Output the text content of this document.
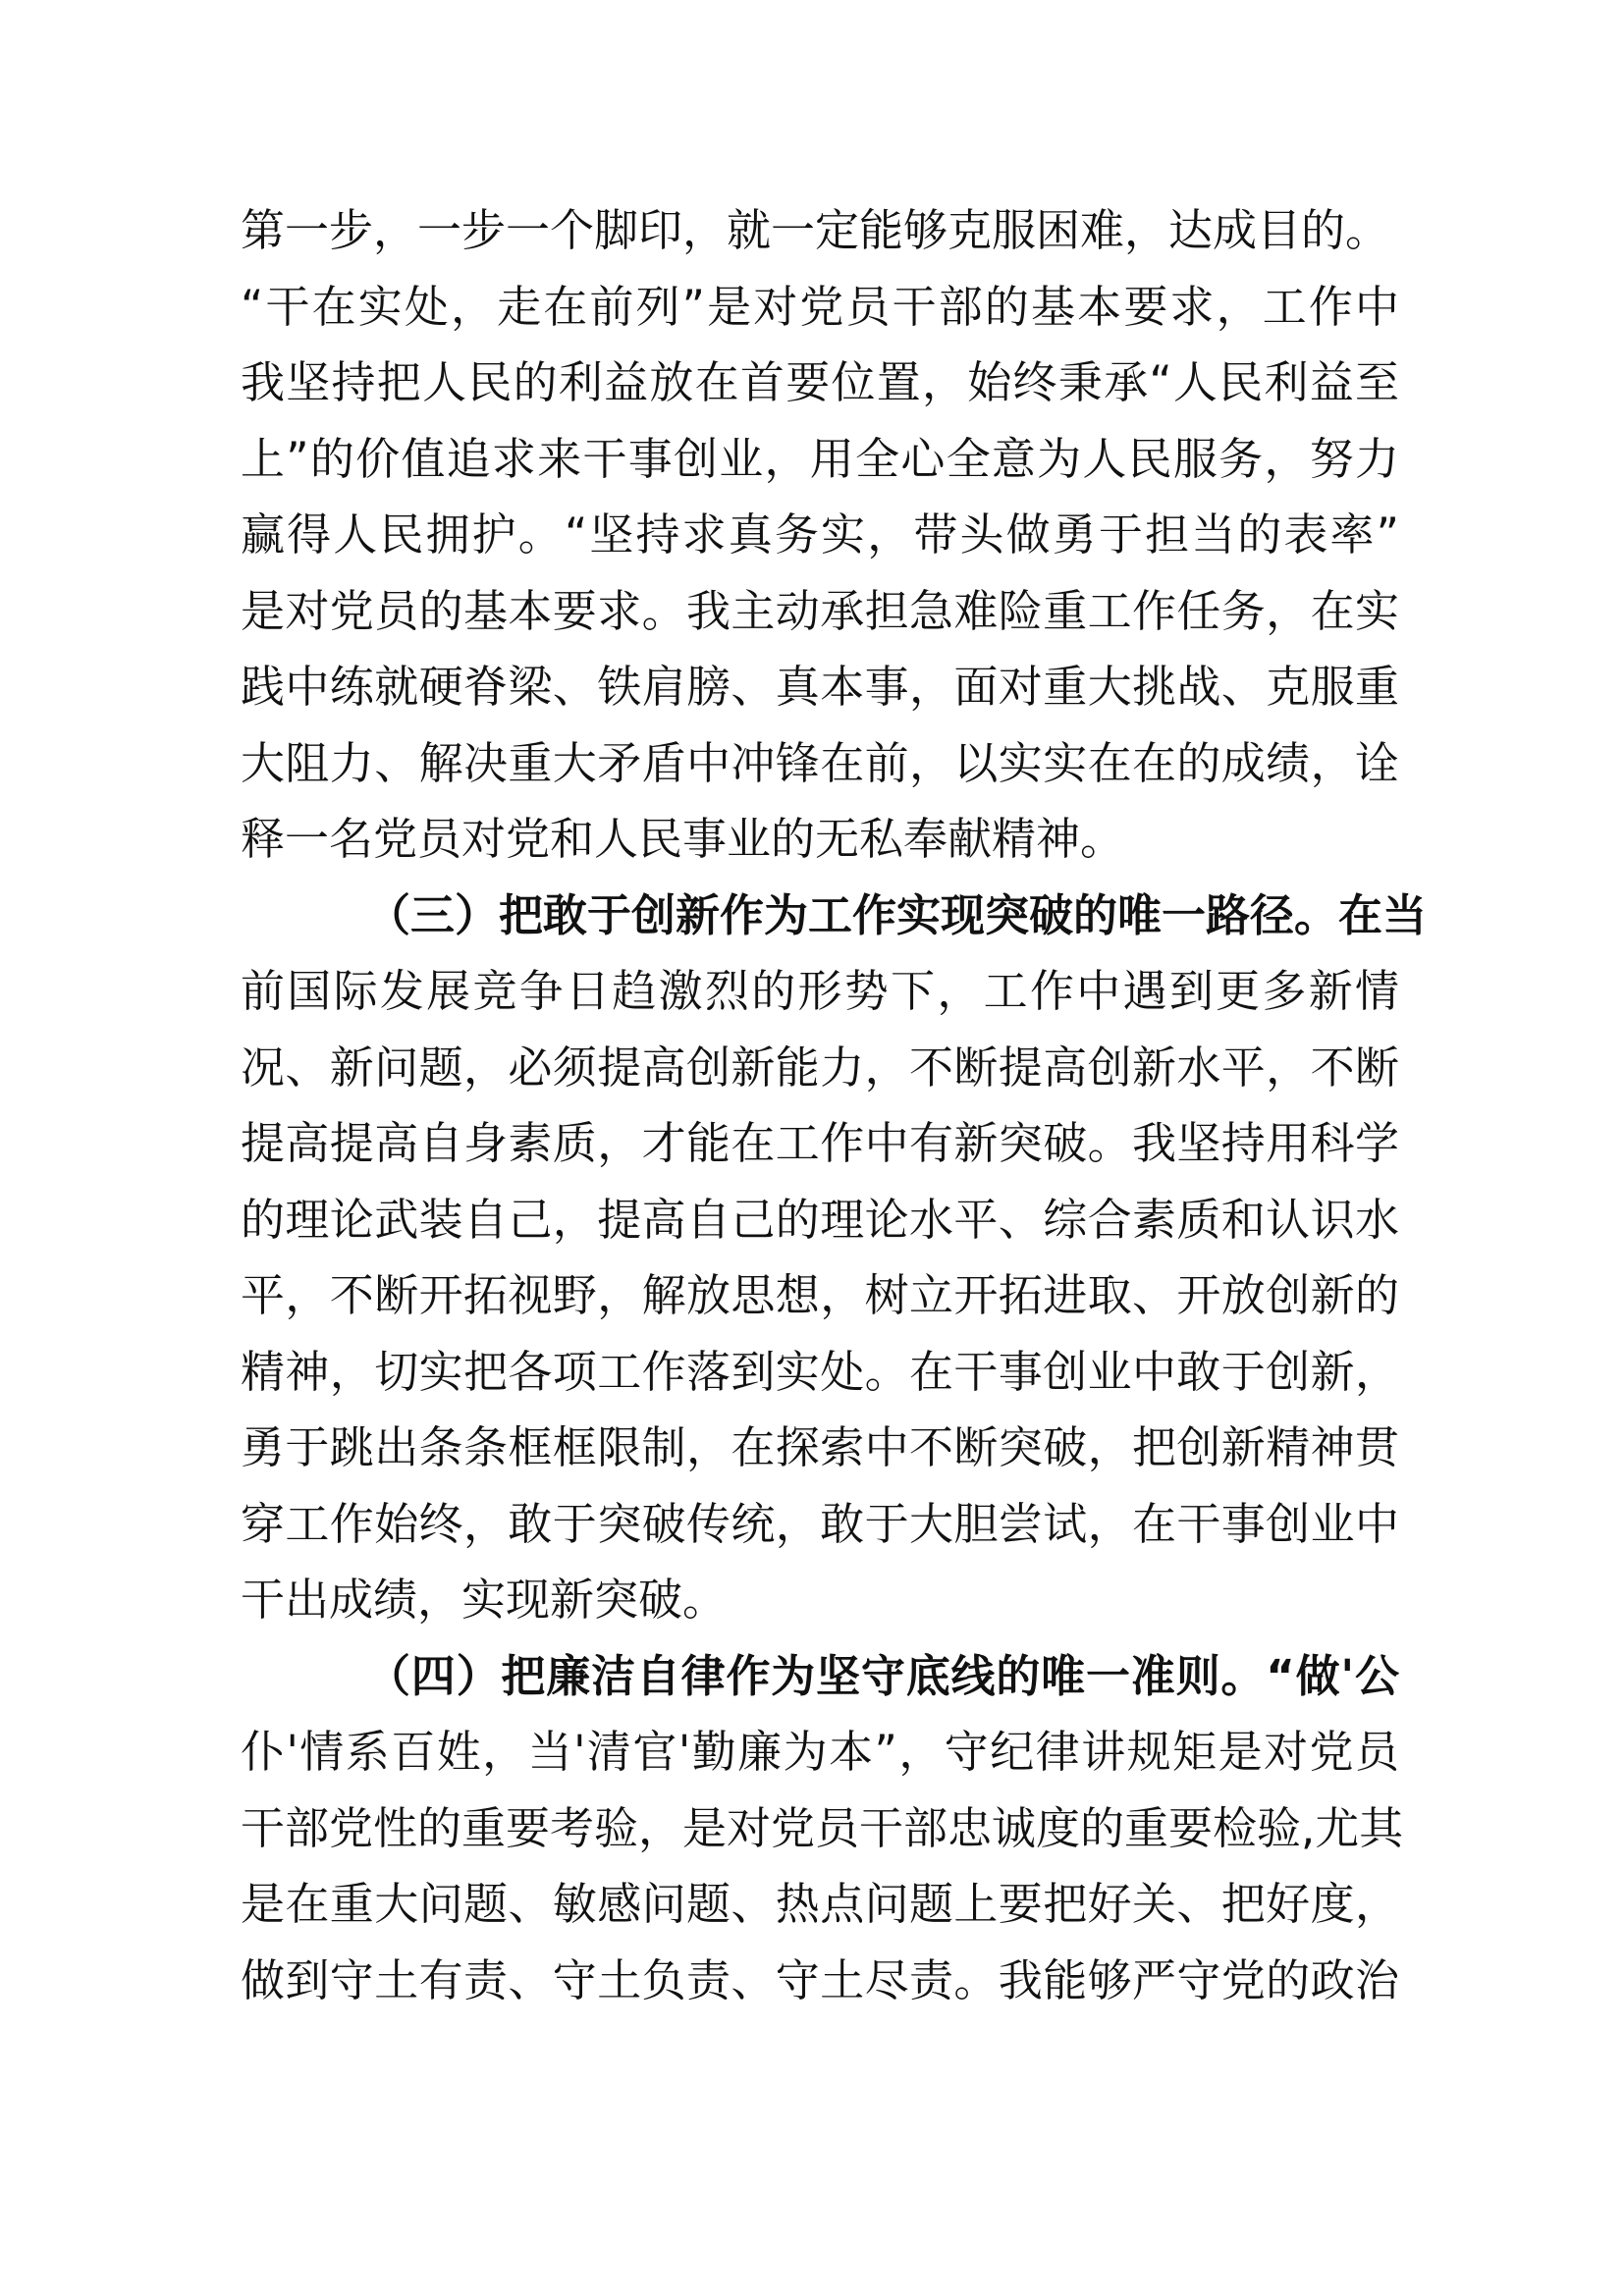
第一步，一步一个脚印，就一定能够克服困难，达成目的。
“干在实处，走在前列”是对党员干部的基本要求，工作中
我坚持把人民的利益放在首要位置，始终秉承“人民利益至
上”的价值追求来干事创业，用全心全意为人民服务，努力
赢得人民拥护。“坚持求真务实，带头做勇于担当的表率”
是对党员的基本要求。我主动承担急难险重工作任务，在实
践中练就硬脊梁、铁肩膀、真本事，面对重大挑战、克服重
大阻力、解决重大矛盾中冲锋在前，以实实在在的成绩，诠
释一名党员对党和人民事业的无私奉献精神。
（三）把敢于创新作为工作实现突破的唯一路径。在当
前国际发展竞争日趋激烈的形势下，工作中遇到更多新情
况、新问题，必须提高创新能力，不断提高创新水平，不断
提高提高自身素质，才能在工作中有新突破。我坚持用科学
的理论武装自己，提高自己的理论水平、综合素质和认识水
平，不断开拓视野，解放思想，树立开拓进取、开放创新的
精神，切实把各项工作落到实处。在干事创业中敢于创新，
勇于跳出条条框框限制，在探索中不断突破，把创新精神贯
穿工作始终，敢于突破传统，敢于大胆尝试，在干事创业中
干出成绩，实现新突破。
（四）把廉洁自律作为坚守底线的唯一准则。“做'公
仆'情系百姓，当'清官'勤廉为本”，守纪律讲规矩是对党员
干部党性的重要考验，是对党员干部忠诚度的重要检验,尤其
是在重大问题、敏感问题、热点问题上要把好关、把好度，
做到守土有责、守土负责、守土尽责。我能够严守党的政治
